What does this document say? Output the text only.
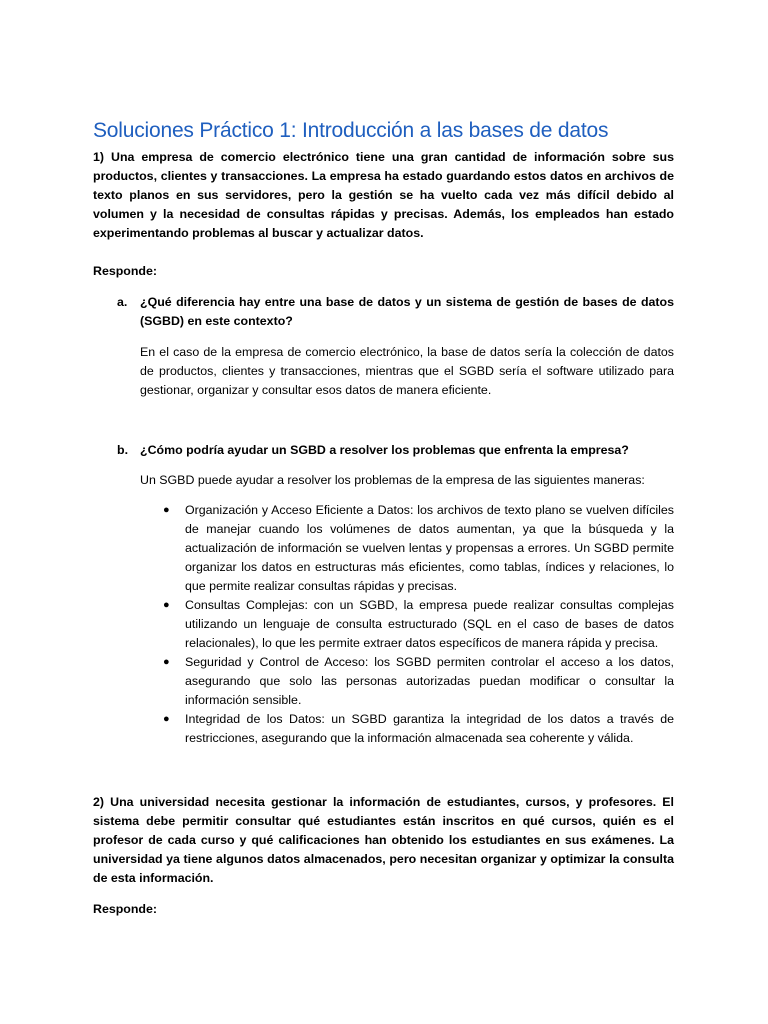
Soluciones Práctico 1: Introducción a las bases de datos

1) Una empresa de comercio electrónico tiene una gran cantidad de información sobre sus productos, clientes y transacciones. La empresa ha estado guardando estos datos en archivos de texto planos en sus servidores, pero la gestión se ha vuelto cada vez más difícil debido al volumen y la necesidad de consultas rápidas y precisas. Además, los empleados han estado experimentando problemas al buscar y actualizar datos.

Responde:

a. ¿Qué diferencia hay entre una base de datos y un sistema de gestión de bases de datos (SGBD) en este contexto?

En el caso de la empresa de comercio electrónico, la base de datos sería la colección de datos de productos, clientes y transacciones, mientras que el SGBD sería el software utilizado para gestionar, organizar y consultar esos datos de manera eficiente.

b. ¿Cómo podría ayudar un SGBD a resolver los problemas que enfrenta la empresa?

Un SGBD puede ayudar a resolver los problemas de la empresa de las siguientes maneras:

● Organización y Acceso Eficiente a Datos: los archivos de texto plano se vuelven difíciles de manejar cuando los volúmenes de datos aumentan, ya que la búsqueda y la actualización de información se vuelven lentas y propensas a errores. Un SGBD permite organizar los datos en estructuras más eficientes, como tablas, índices y relaciones, lo que permite realizar consultas rápidas y precisas.
● Consultas Complejas: con un SGBD, la empresa puede realizar consultas complejas utilizando un lenguaje de consulta estructurado (SQL en el caso de bases de datos relacionales), lo que les permite extraer datos específicos de manera rápida y precisa.
● Seguridad y Control de Acceso: los SGBD permiten controlar el acceso a los datos, asegurando que solo las personas autorizadas puedan modificar o consultar la información sensible.
● Integridad de los Datos: un SGBD garantiza la integridad de los datos a través de restricciones, asegurando que la información almacenada sea coherente y válida.

2) Una universidad necesita gestionar la información de estudiantes, cursos, y profesores. El sistema debe permitir consultar qué estudiantes están inscritos en qué cursos, quién es el profesor de cada curso y qué calificaciones han obtenido los estudiantes en sus exámenes. La universidad ya tiene algunos datos almacenados, pero necesitan organizar y optimizar la consulta de esta información.

Responde:
